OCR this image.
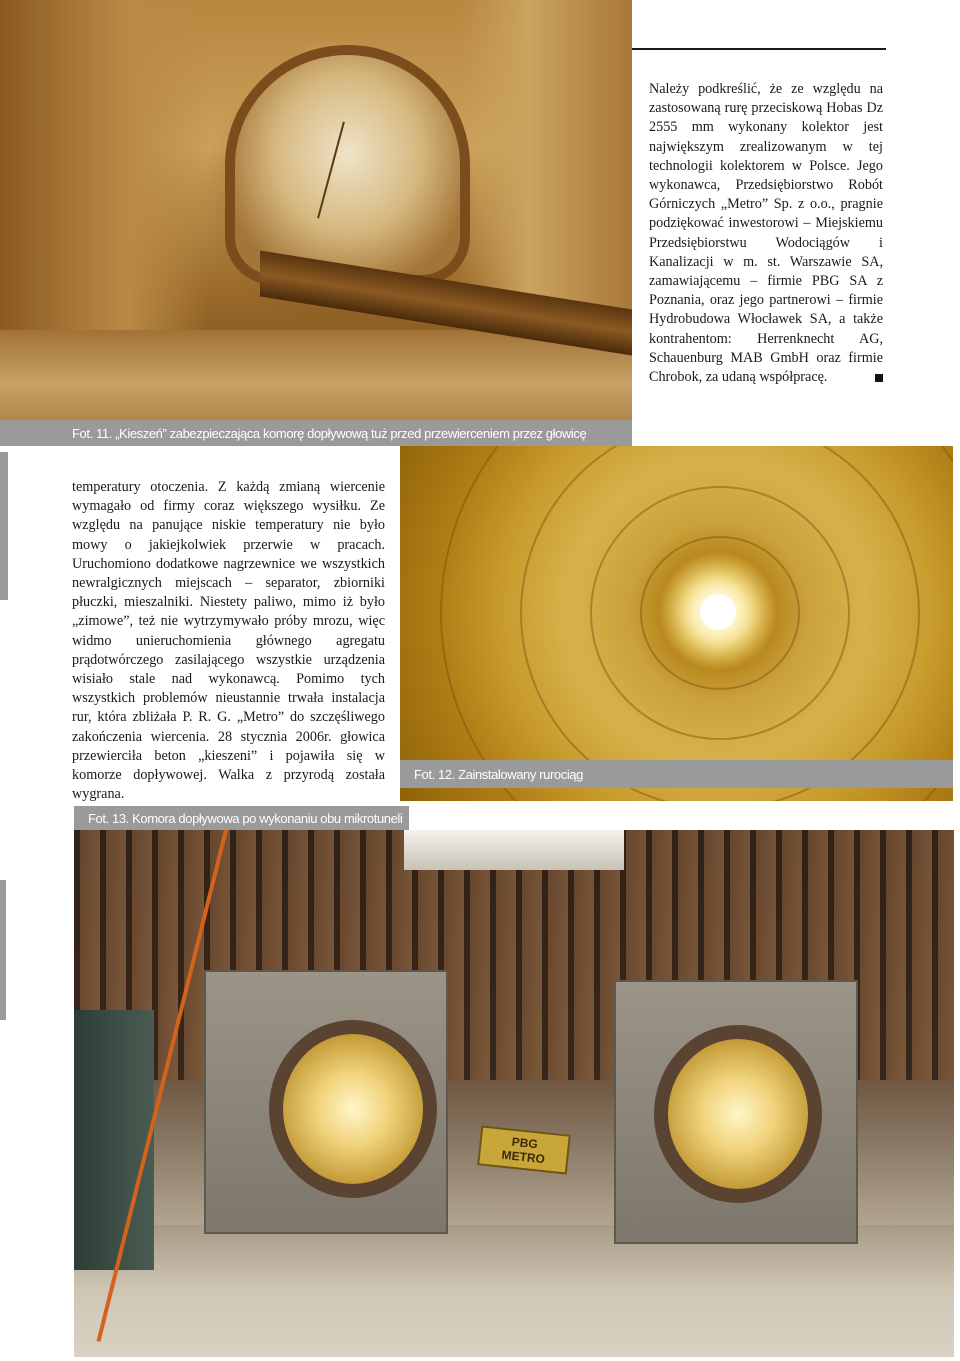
Fot. 11. „Kieszeń” zabezpieczająca komorę dopływową tuż przed przewierceniem przez głowicę
Należy podkreślić, że ze względu na zastosowaną rurę przeciskową Hobas Dz 2555 mm wykonany kolektor jest największym zrealizowanym w tej technologii kolektorem w Polsce. Jego wykonawca, Przedsiębiorstwo Robót Górniczych „Metro” Sp. z o.o., pragnie podziękować inwestorowi – Miejskiemu Przedsiębiorstwu Wodociągów i Kanalizacji w m. st. Warszawie SA, zamawiającemu – firmie PBG SA z Poznania, oraz jego partnerowi – firmie Hydrobudowa Włocławek SA, a także kontrahentom: Herrenknecht AG, Schauenburg MAB GmbH oraz firmie Chrobok, za udaną współpracę.
temperatury otoczenia. Z każdą zmianą wiercenie wymagało od firmy coraz większego wysiłku. Ze względu na panujące niskie temperatury nie było mowy o jakiejkolwiek przerwie w pracach. Uruchomiono dodatkowe nagrzewnice we wszystkich newralgicznych miejscach – separator, zbiorniki płuczki, mieszalniki. Niestety paliwo, mimo iż było „zimowe”, też nie wytrzymywało próby mrozu, więc widmo unieruchomienia głównego agregatu prądotwórczego zasilającego wszystkie urządzenia wisiało stale nad wykonawcą. Pomimo tych wszystkich problemów nieustannie trwała instalacja rur, która zbliżała P. R. G. „Metro” do szczęśliwego zakończenia wiercenia. 28 stycznia 2006r. głowica przewierciła beton „kieszeni” i pojawiła się w komorze dopływowej. Walka z przyrodą została wygrana.
Fot. 12. Zainstalowany rurociąg
Fot. 13. Komora dopływowa po wykonaniu obu mikrotuneli
PBG
METRO
